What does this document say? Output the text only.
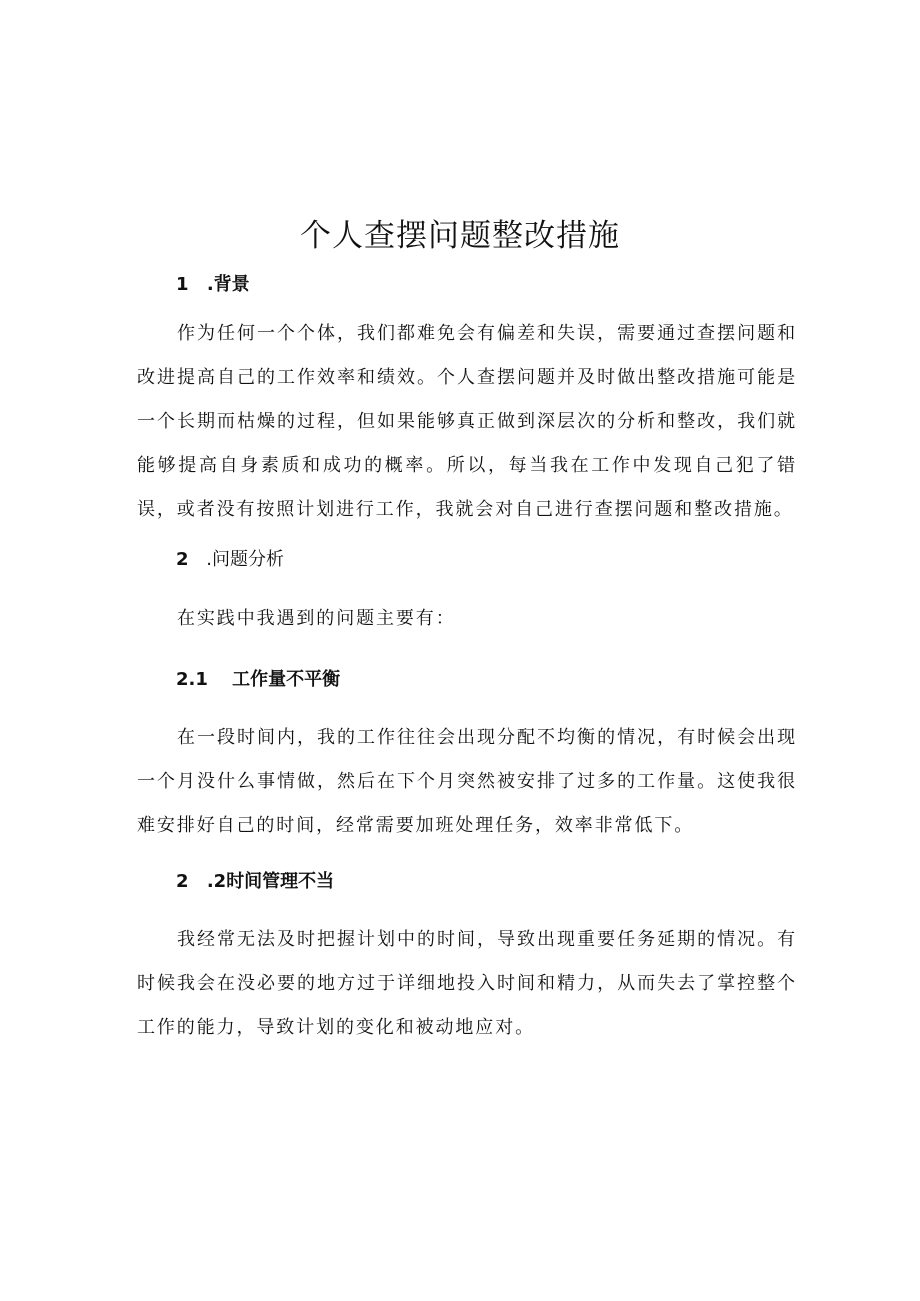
个人查摆问题整改措施
1 .背景

作为任何一个个体，我们都难免会有偏差和失误，需要通过查摆问题和改进提高自己的工作效率和绩效。个人查摆问题并及时做出整改措施可能是一个长期而枯燥的过程，但如果能够真正做到深层次的分析和整改，我们就能够提高自身素质和成功的概率。所以，每当我在工作中发现自己犯了错误，或者没有按照计划进行工作，我就会对自己进行查摆问题和整改措施。

2 .问题分析

在实践中我遇到的问题主要有：

2.1 工作量不平衡

在一段时间内，我的工作往往会出现分配不均衡的情况，有时候会出现一个月没什么事情做，然后在下个月突然被安排了过多的工作量。这使我很难安排好自己的时间，经常需要加班处理任务，效率非常低下。

2 .2时间管理不当

我经常无法及时把握计划中的时间，导致出现重要任务延期的情况。有时候我会在没必要的地方过于详细地投入时间和精力，从而失去了掌控整个工作的能力，导致计划的变化和被动地应对。
